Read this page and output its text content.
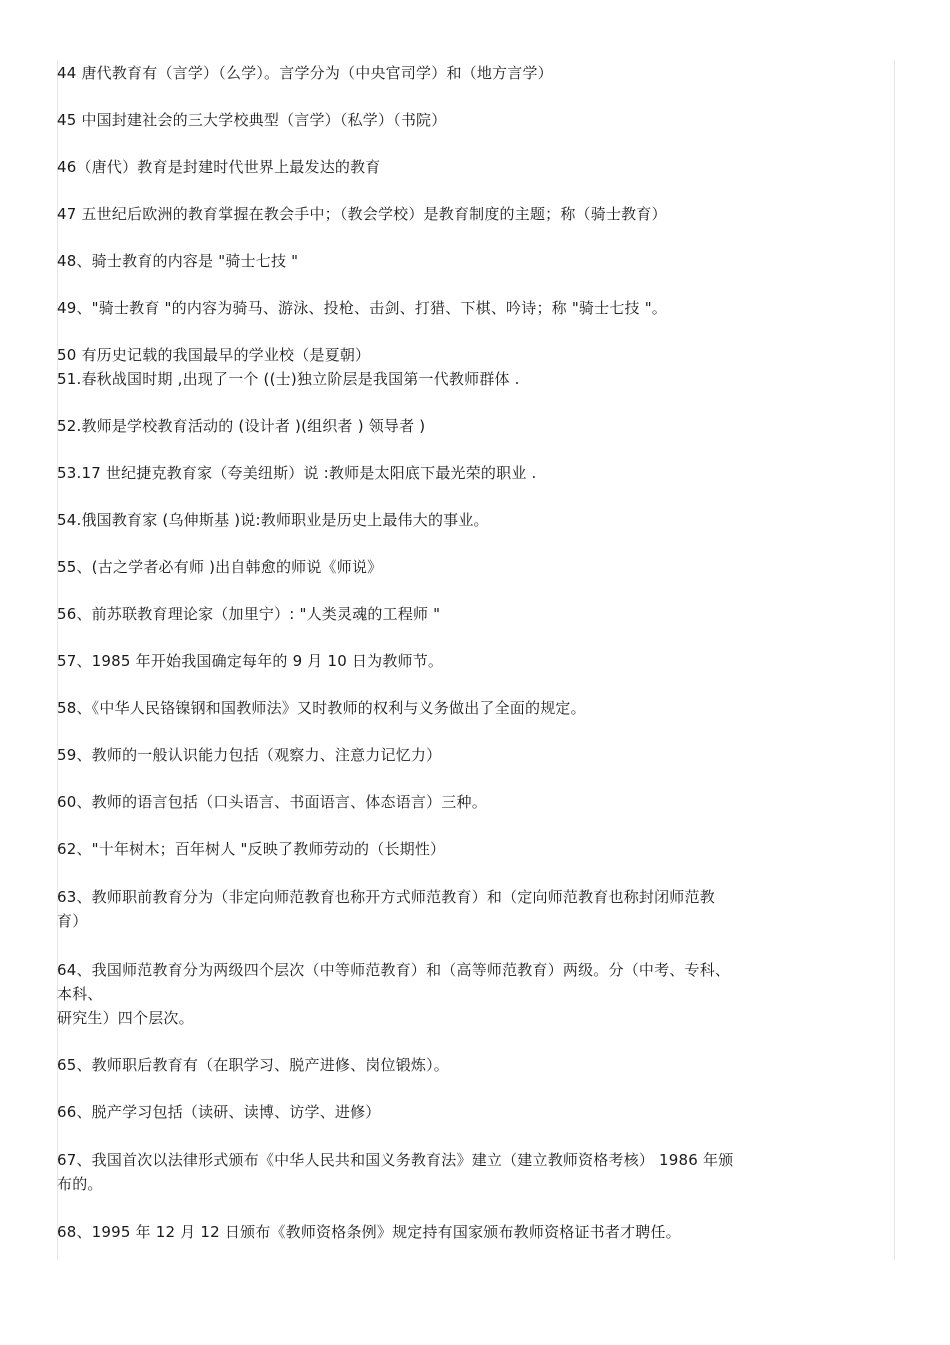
44 唐代教育有（言学）（么学）。言学分为（中央官司学）和（地方言学）
45 中国封建社会的三大学校典型（言学）（私学）（书院）
46（唐代）教育是封建时代世界上最发达的教育
47 五世纪后欧洲的教育掌握在教会手中；（教会学校）是教育制度的主题；称（骑士教育）
48、骑士教育的内容是 "骑士七技 "
49、"骑士教育 "的内容为骑马、游泳、投枪、击剑、打猎、下棋、吟诗；称 "骑士七技 "。
50 有历史记载的我国最早的学业校（是夏朝）
51.春秋战国时期 ,出现了一个 ((士)独立阶层是我国第一代教师群体 .
52.教师是学校教育活动的 (设计者 )(组织者 ) 领导者 )
53.17 世纪捷克教育家（夸美纽斯）说 :教师是太阳底下最光荣的职业 .
54.俄国教育家 (乌伸斯基 )说:教师职业是历史上最伟大的事业。
55、(古之学者必有师 )出自韩愈的师说《师说》
56、前苏联教育理论家（加里宁）: "人类灵魂的工程师 "
57、1985 年开始我国确定每年的 9 月 10 日为教师节。
58、《中华人民铬镍钢和国教师法》又时教师的权利与义务做出了全面的规定。
59、教师的一般认识能力包括（观察力、注意力记忆力）
60、教师的语言包括（口头语言、书面语言、体态语言）三种。
62、"十年树木；百年树人 "反映了教师劳动的（长期性）
63、教师职前教育分为（非定向师范教育也称开方式师范教育）和（定向师范教育也称封闭师范教
育）
64、我国师范教育分为两级四个层次（中等师范教育）和（高等师范教育）两级。分（中考、专科、
本科、
研究生）四个层次。
65、教师职后教育有（在职学习、脱产进修、岗位锻炼）。
66、脱产学习包括（读研、读博、访学、进修）
67、我国首次以法律形式颁布《中华人民共和国义务教育法》建立（建立教师资格考核） 1986 年颁
布的。
68、1995 年 12 月 12 日颁布《教师资格条例》规定持有国家颁布教师资格证书者才聘任。
